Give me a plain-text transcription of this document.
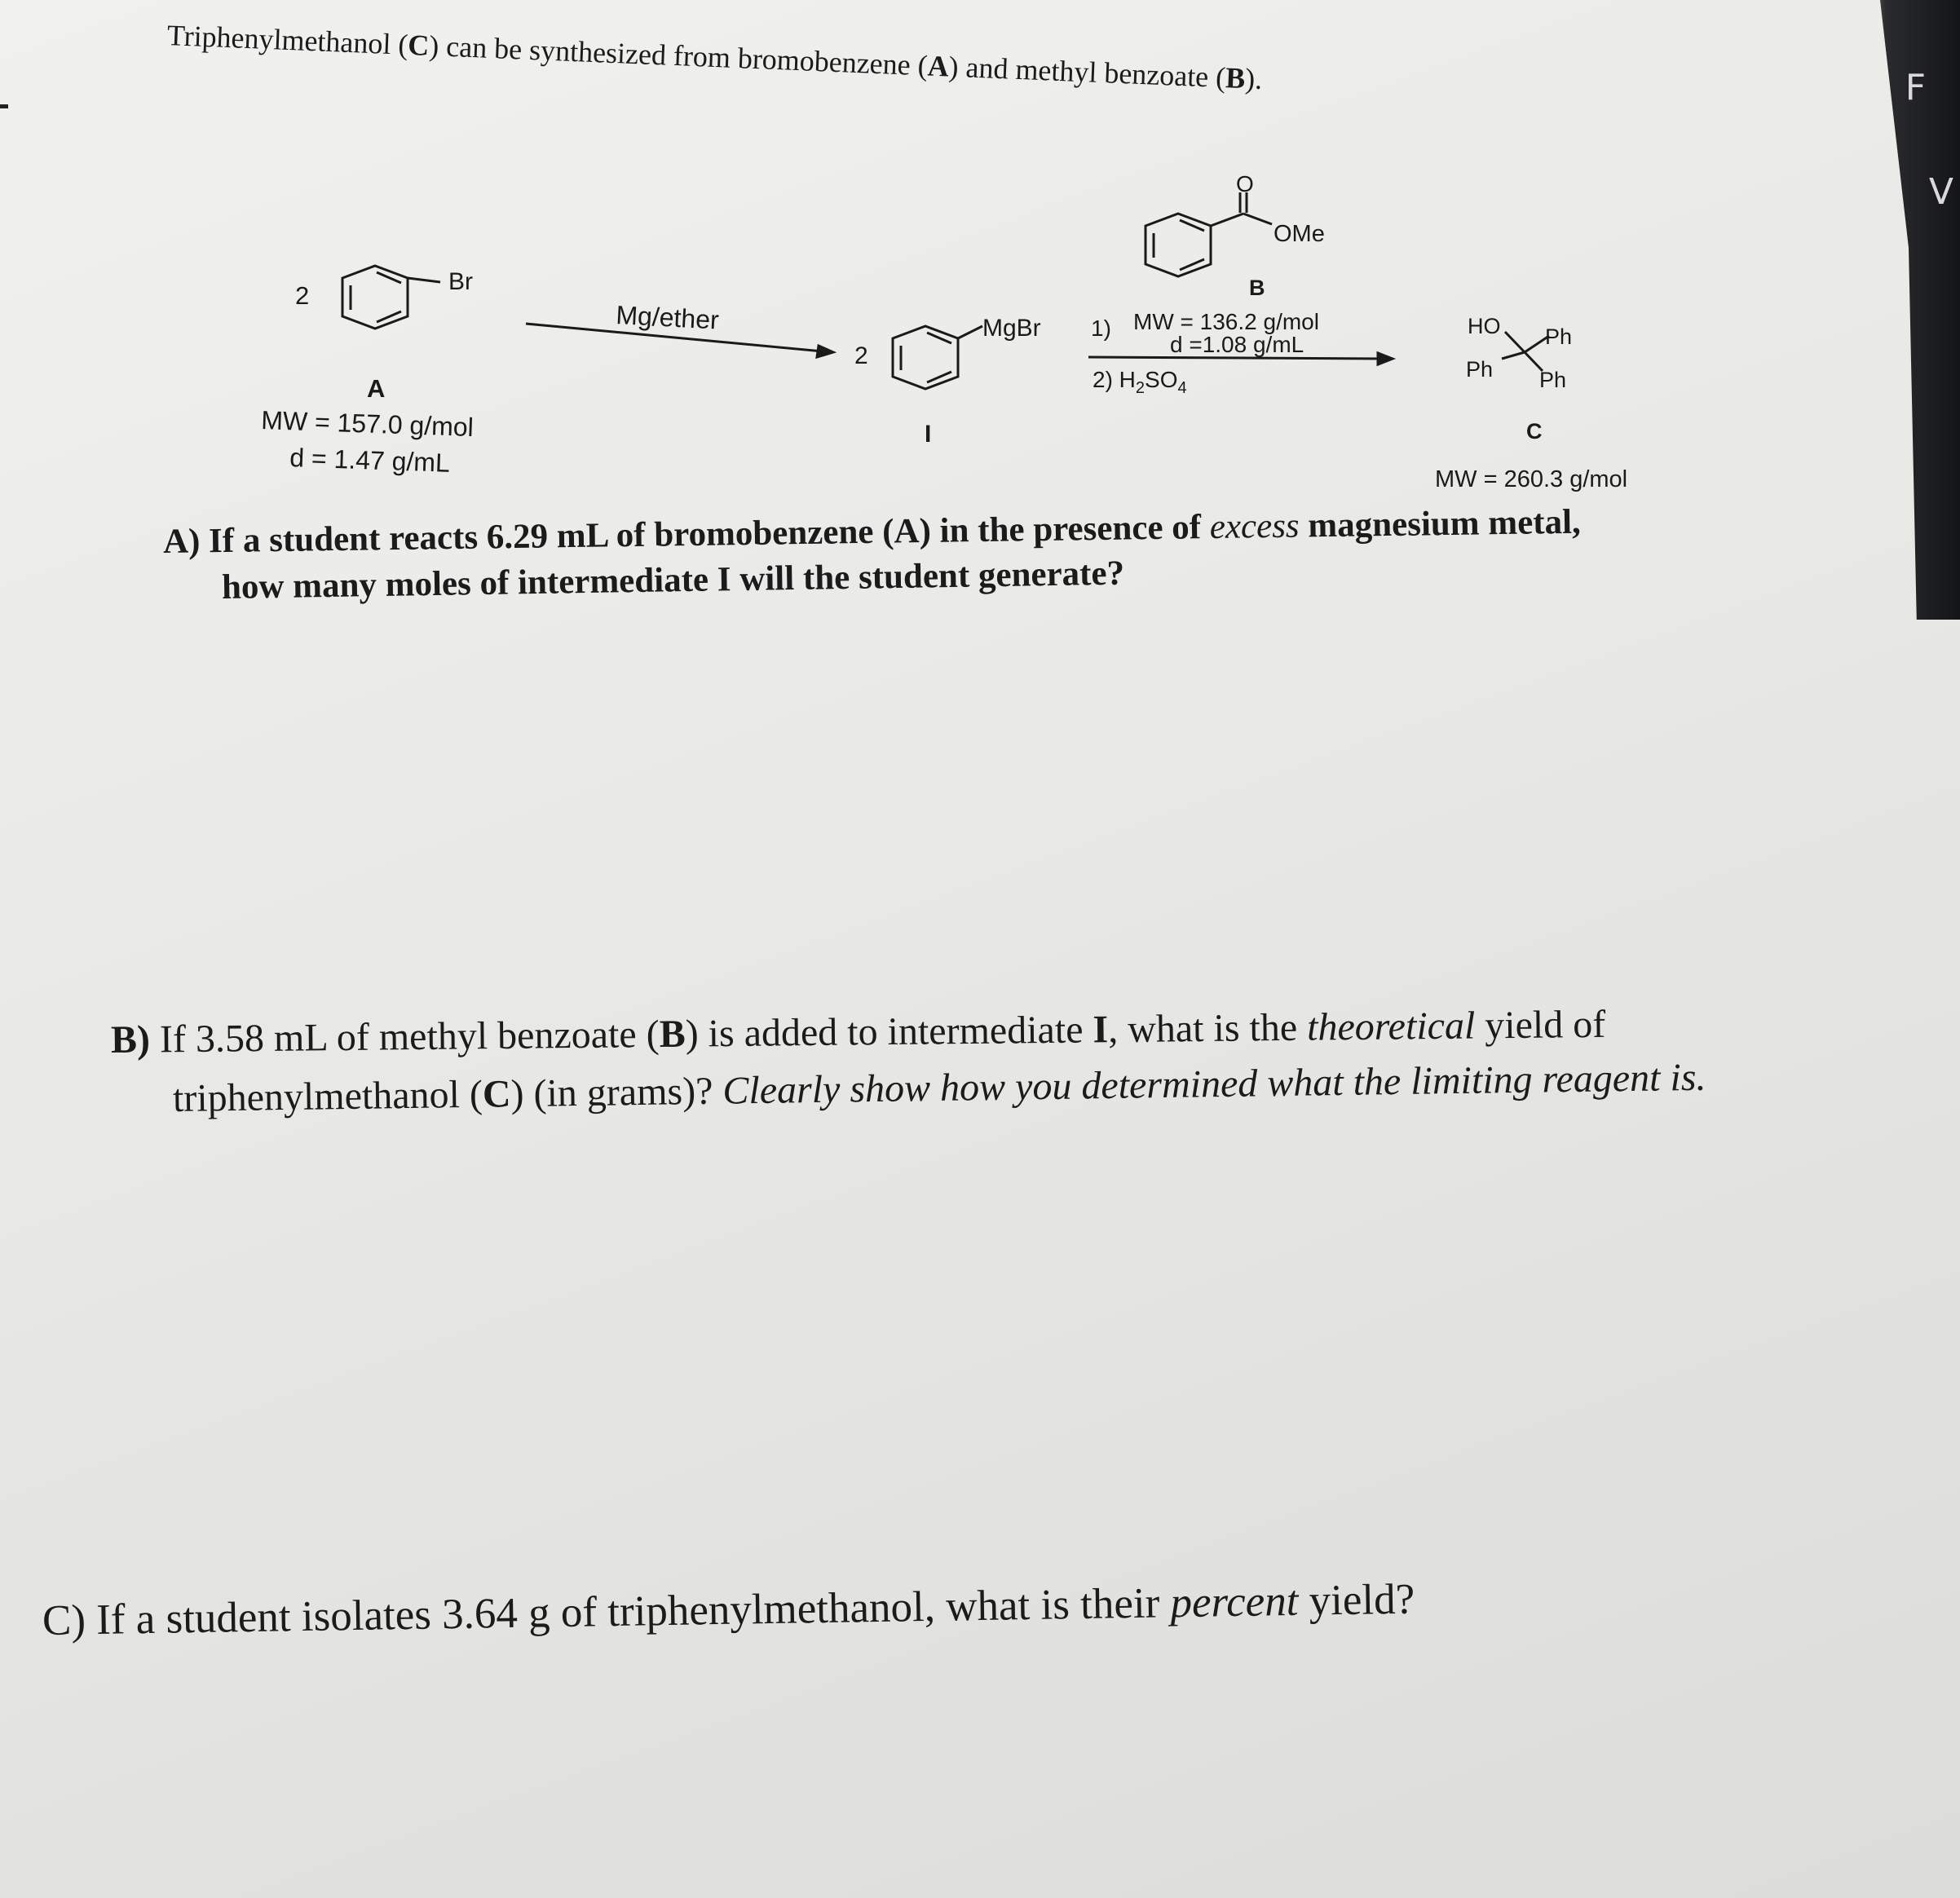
F
V
Triphenylmethanol (C) can be synthesized from bromobenzene (A) and methyl benzoate (B).
2	Br
A
MW = 157.0 g/mol
d = 1.47 g/mL
Mg/ether
2
MgBr
I
O
OMe
B
1) MW = 136.2 g/mol
d =1.08 g/mL
2) $H_2SO_4$
HO Ph
Ph Ph
C
MW = 260.3 g/mol
A) If a student reacts 6.29 mL of bromobenzene (A) in the presence of excess magnesium metal,
how many moles of intermediate I will the student generate?
B) If 3.58 mL of methyl benzoate (B) is added to intermediate I, what is the theoretical yield of
triphenylmethanol (C) (in grams)? Clearly show how you determined what the limiting reagent is.
C) If a student isolates 3.64 g of triphenylmethanol, what is their percent yield?
